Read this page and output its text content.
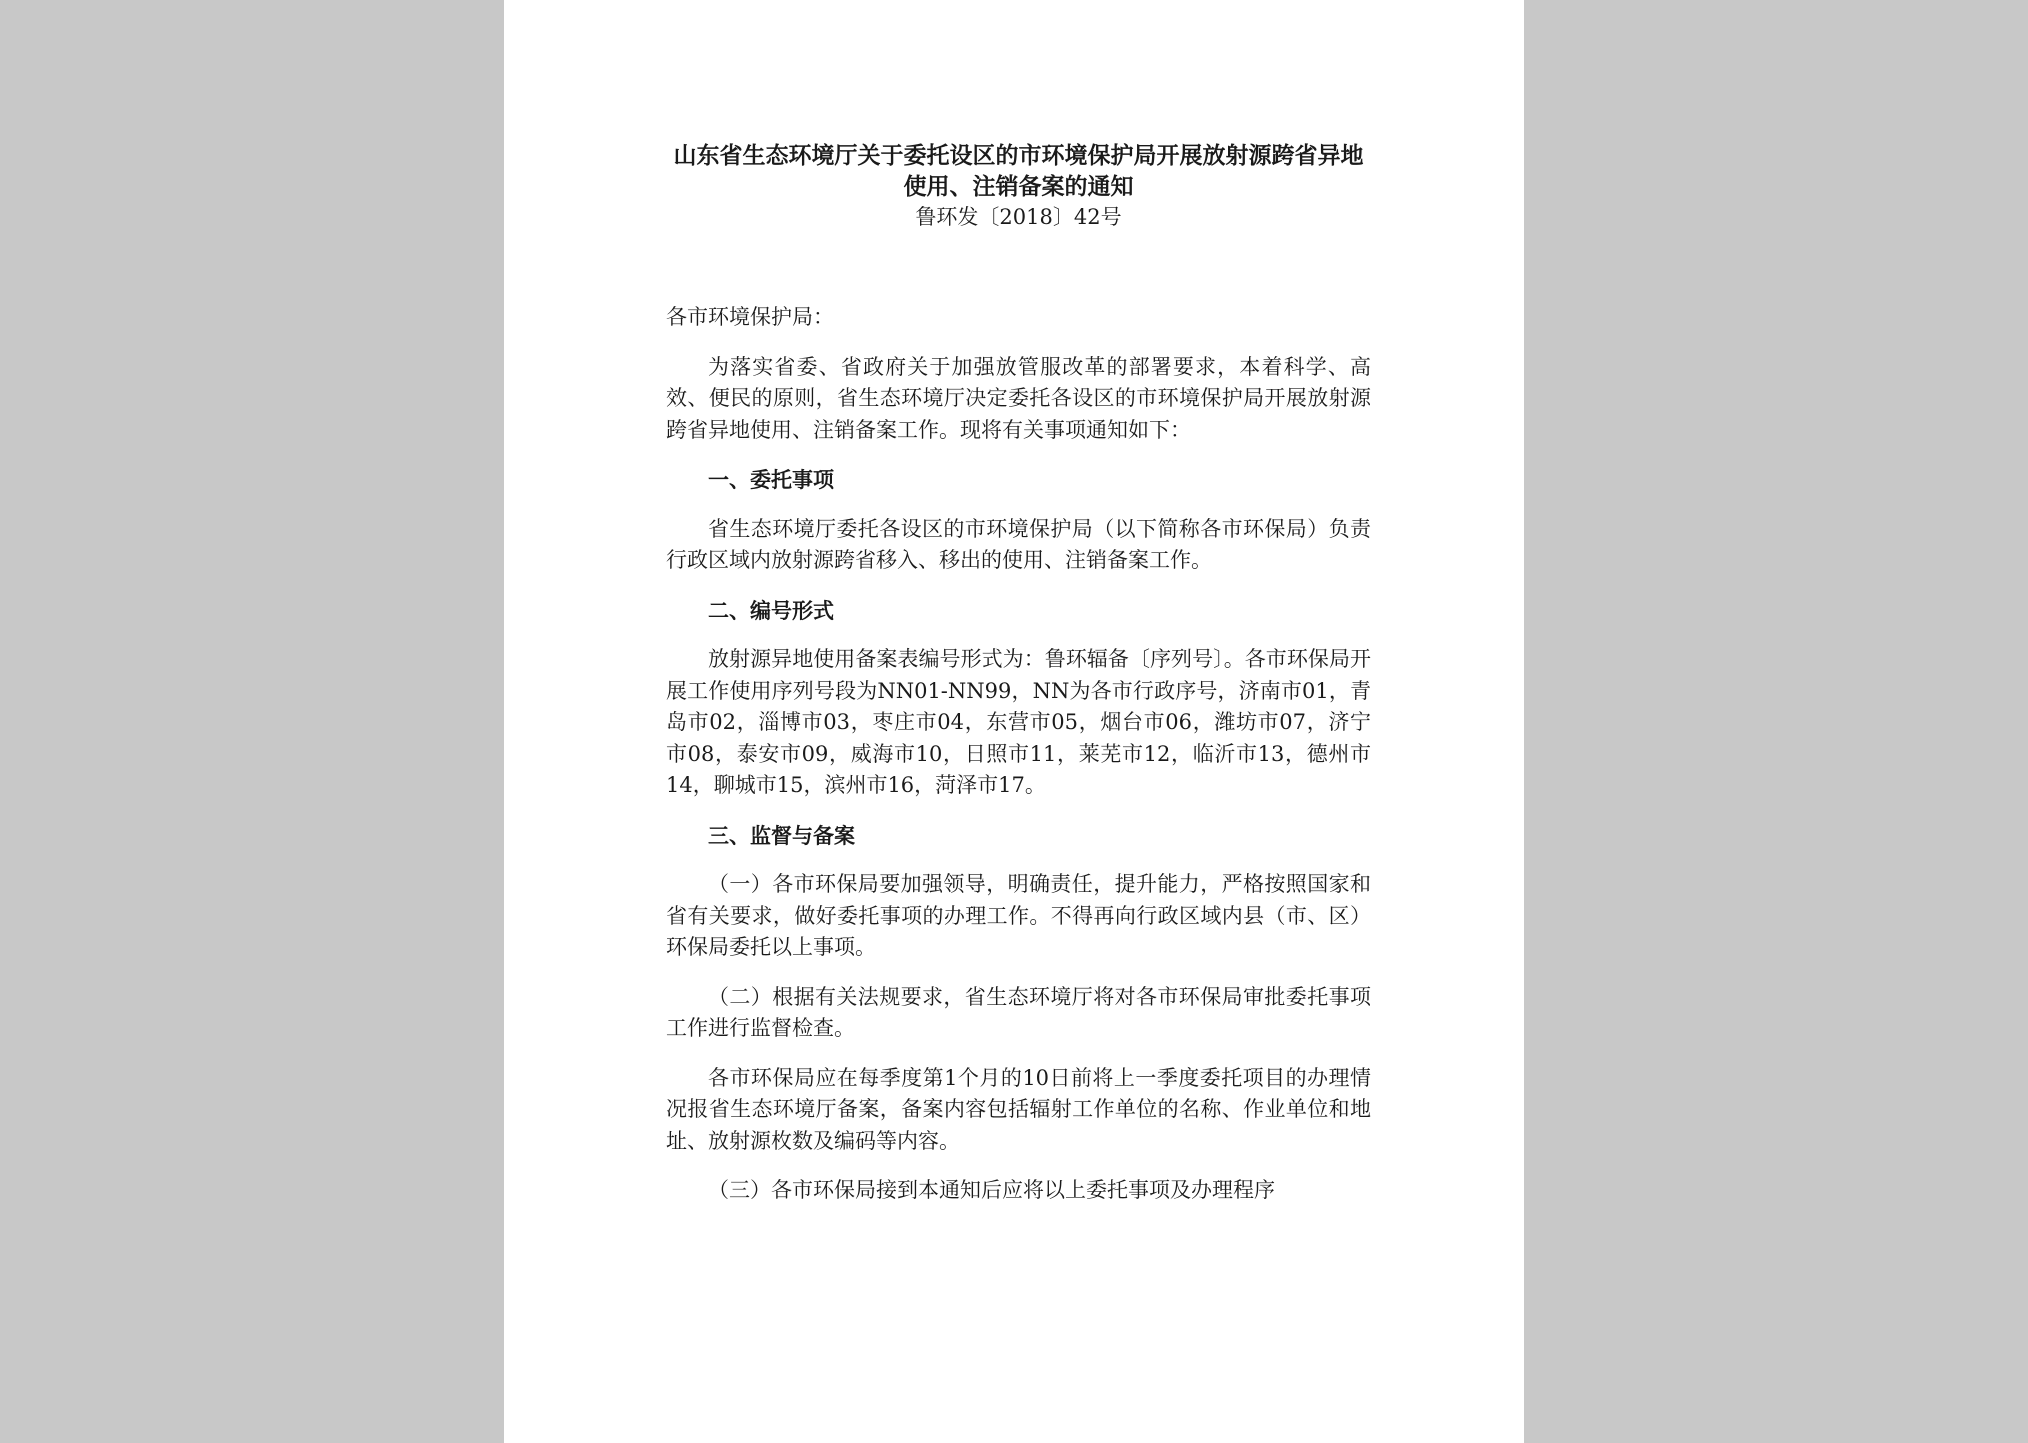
山东省生态环境厅关于委托设区的市环境保护局开展放射源跨省异地使用、注销备案的通知

鲁环发〔2018〕42号

各市环境保护局：

为落实省委、省政府关于加强放管服改革的部署要求，本着科学、高效、便民的原则，省生态环境厅决定委托各设区的市环境保护局开展放射源跨省异地使用、注销备案工作。现将有关事项通知如下：

一、委托事项

省生态环境厅委托各设区的市环境保护局（以下简称各市环保局）负责行政区域内放射源跨省移入、移出的使用、注销备案工作。

二、编号形式

放射源异地使用备案表编号形式为：鲁环辐备〔序列号〕。各市环保局开展工作使用序列号段为NN01-NN99，NN为各市行政序号，济南市01，青岛市02，淄博市03，枣庄市04，东营市05，烟台市06，潍坊市07，济宁市08，泰安市09，威海市10，日照市11，莱芜市12，临沂市13，德州市14，聊城市15，滨州市16，菏泽市17。

三、监督与备案

（一）各市环保局要加强领导，明确责任，提升能力，严格按照国家和省有关要求，做好委托事项的办理工作。不得再向行政区域内县（市、区）环保局委托以上事项。

（二）根据有关法规要求，省生态环境厅将对各市环保局审批委托事项工作进行监督检查。

各市环保局应在每季度第1个月的10日前将上一季度委托项目的办理情况报省生态环境厅备案，备案内容包括辐射工作单位的名称、作业单位和地址、放射源枚数及编码等内容。

（三）各市环保局接到本通知后应将以上委托事项及办理程序
